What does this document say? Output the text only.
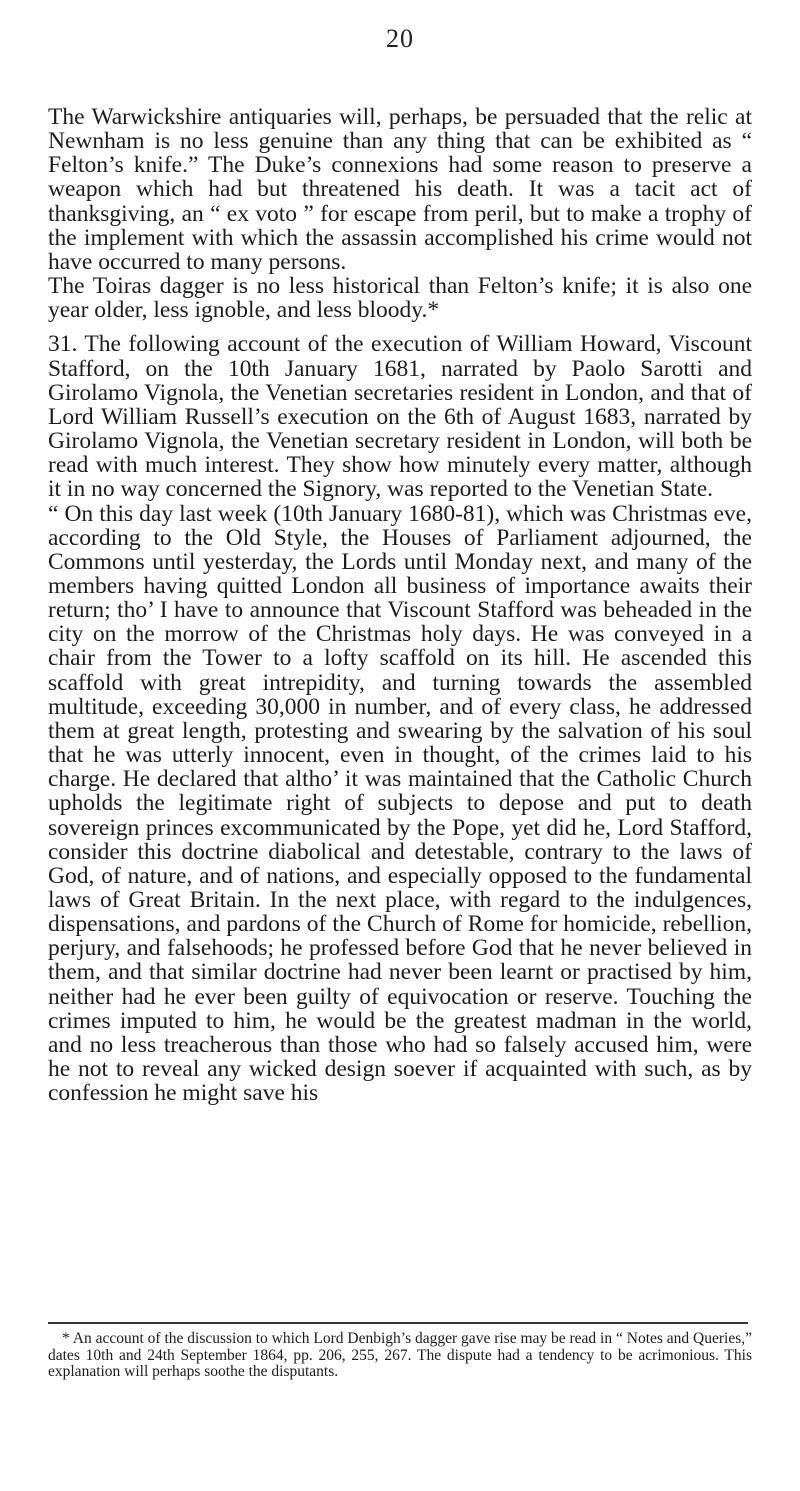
20

The Warwickshire antiquaries will, perhaps, be persuaded that the relic at Newnham is no less genuine than any thing that can be exhibited as “ Felton’s knife.” The Duke’s connexions had some reason to preserve a weapon which had but threatened his death. It was a tacit act of thanksgiving, an “ ex voto ” for escape from peril, but to make a trophy of the implement with which the assassin accomplished his crime would not have occurred to many persons.

The Toiras dagger is no less historical than Felton’s knife; it is also one year older, less ignoble, and less bloody.*

31. The following account of the execution of William Howard, Viscount Stafford, on the 10th January 1681, narrated by Paolo Sarotti and Girolamo Vignola, the Venetian secretaries resident in London, and that of Lord William Russell’s execution on the 6th of August 1683, narrated by Girolamo Vignola, the Venetian secretary resident in London, will both be read with much interest. They show how minutely every matter, although it in no way concerned the Signory, was reported to the Venetian State.

“ On this day last week (10th January 1680-81), which was Christmas eve, according to the Old Style, the Houses of Parliament adjourned, the Commons until yesterday, the Lords until Monday next, and many of the members having quitted London all business of importance awaits their return; tho’ I have to announce that Viscount Stafford was beheaded in the city on the morrow of the Christmas holy days. He was conveyed in a chair from the Tower to a lofty scaffold on its hill. He ascended this scaffold with great intrepidity, and turning towards the assembled multitude, exceeding 30,000 in number, and of every class, he addressed them at great length, protesting and swearing by the salvation of his soul that he was utterly innocent, even in thought, of the crimes laid to his charge. He declared that altho’ it was maintained that the Catholic Church upholds the legitimate right of subjects to depose and put to death sovereign princes excommunicated by the Pope, yet did he, Lord Stafford, consider this doctrine diabolical and detestable, contrary to the laws of God, of nature, and of nations, and especially opposed to the fundamental laws of Great Britain. In the next place, with regard to the indulgences, dispensations, and pardons of the Church of Rome for homicide, rebellion, perjury, and falsehoods; he professed before God that he never believed in them, and that similar doctrine had never been learnt or practised by him, neither had he ever been guilty of equivocation or reserve. Touching the crimes imputed to him, he would be the greatest madman in the world, and no less treacherous than those who had so falsely accused him, were he not to reveal any wicked design soever if acquainted with such, as by confession he might save his

* An account of the discussion to which Lord Denbigh’s dagger gave rise may be read in “ Notes and Queries,” dates 10th and 24th September 1864, pp. 206, 255, 267. The dispute had a tendency to be acrimonious. This explanation will perhaps soothe the disputants.
